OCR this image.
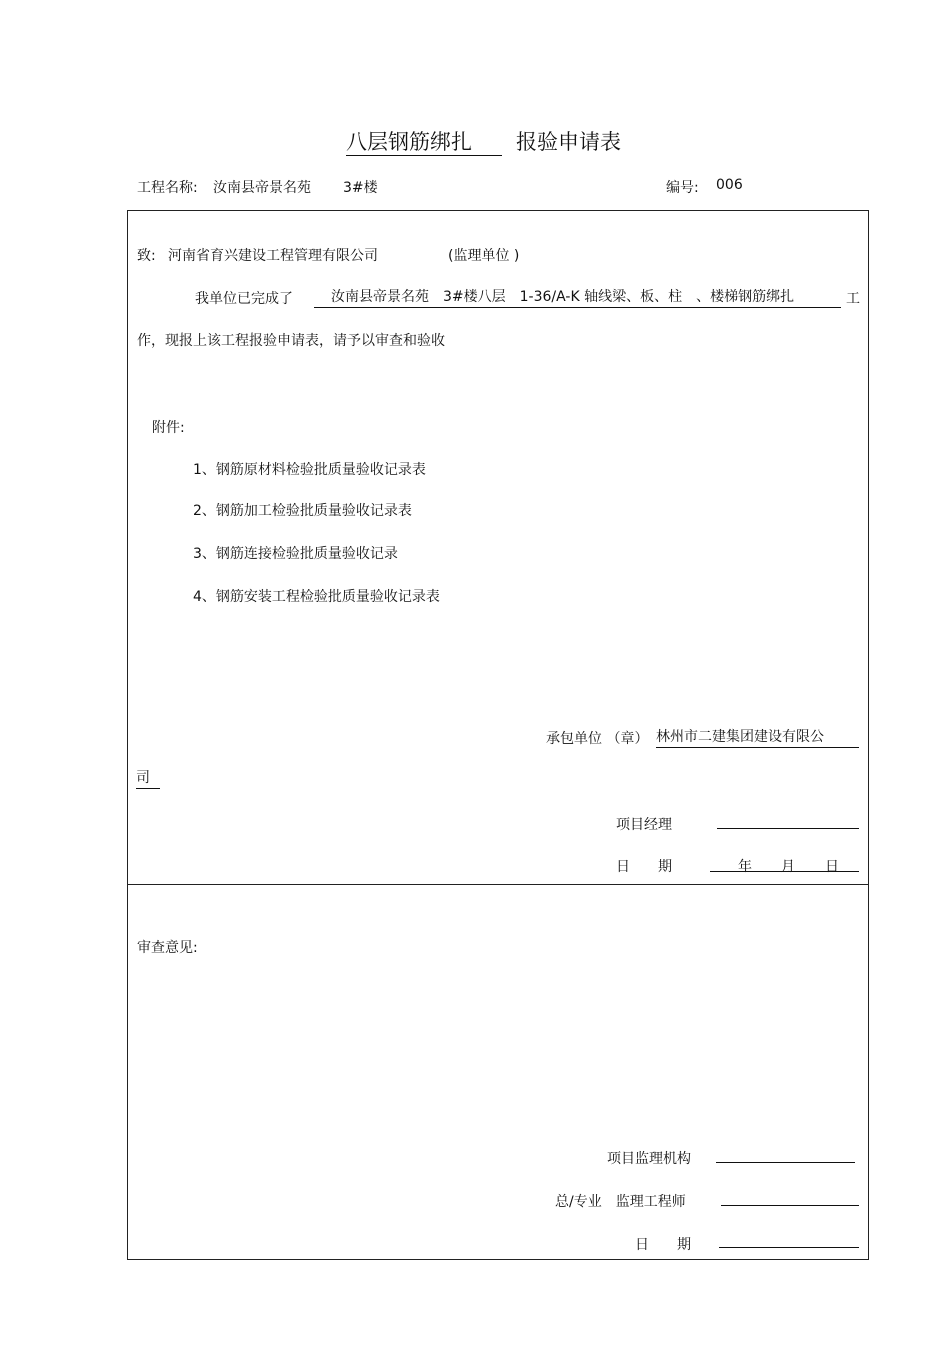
八层钢筋绑扎 报验申请表
工程名称: 汝南县帝景名苑 3#楼	编号: 006
致: 河南省育兴建设工程管理有限公司	(监理单位 )
我单位已完成了	汝南县帝景名苑　3#楼八层　1-36/A-K 轴线梁、板、柱　、楼梯钢筋绑扎	工
作，现报上该工程报验申请表，请予以审查和验收
附件:
1、钢筋原材料检验批质量验收记录表
2、钢筋加工检验批质量验收记录表
3、钢筋连接检验批质量验收记录
4、钢筋安装工程检验批质量验收记录表
承包单位 （章） 林州市二建集团建设有限公
司
项目经理
日　　期	年 月 日
审查意见:
项目监理机构
总/专业　监理工程师
日　　期
